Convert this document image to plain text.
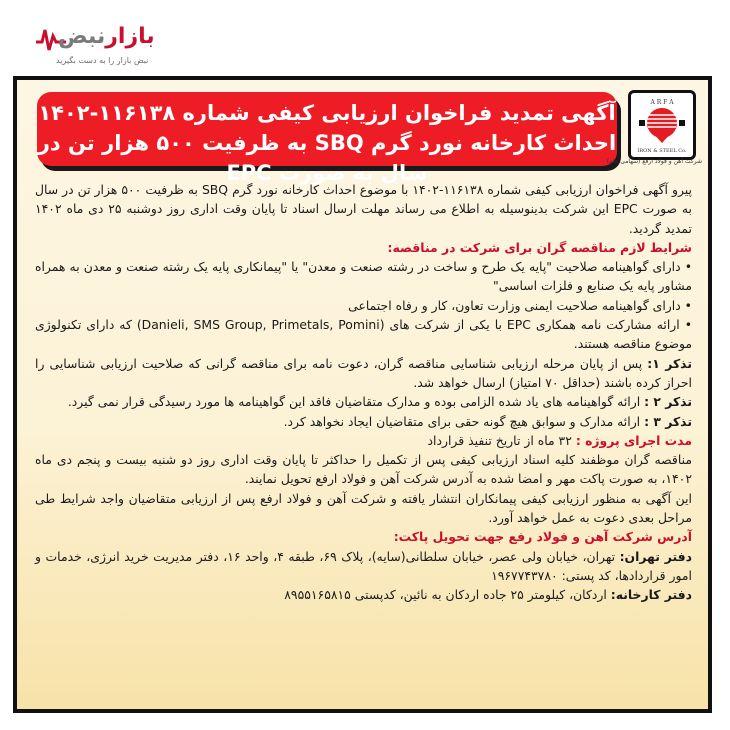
بازارنبض
نبض بازار را به دست بگیرید
آگهی تمدید فراخوان ارزیابی کیفی شماره ۱۱۶۱۳۸-۱۴۰۲
احداث کارخانه نورد گرم SBQ به ظرفیت ۵۰۰ هزار تن در سال به صورت EPC
A R F A
IRON & STEEL Co.
شرکت آهن و فولاد ارفع (سهامی عام)

پیرو آگهی فراخوان ارزیابی کیفی شماره ۱۱۶۱۳۸-۱۴۰۲ با موضوع احداث کارخانه نورد گرم SBQ به ظرفیت ۵۰۰ هزار تن در سال به صورت EPC این شرکت بدینوسیله به اطلاع می رساند مهلت ارسال اسناد تا پایان وقت اداری روز دوشنبه ۲۵ دی ماه ۱۴۰۲ تمدید گردید.

شرایط لازم مناقصه گران برای شرکت در مناقصه:

• دارای گواهینامه صلاحیت "پایه یک طرح و ساخت در رشته صنعت و معدن" یا "پیمانکاری پایه یک رشته صنعت و معدن به همراه مشاور پایه یک صنایع و فلزات اساسی"

• دارای گواهینامه صلاحیت ایمنی وزارت تعاون، کار و رفاه اجتماعی

• ارائه مشارکت نامه همکاری EPC با یکی از شرکت های (Danieli, SMS Group, Primetals, Pomini) که دارای تکنولوژی موضوع مناقصه هستند.

تذکر ۱: پس از پایان مرحله ارزیابی شناسایی مناقصه گران، دعوت نامه برای مناقصه گرانی که صلاحیت ارزیابی شناسایی را احراز کرده باشند (حداقل ۷۰ امتیاز) ارسال خواهد شد.

تذکر ۲ : ارائه گواهینامه های یاد شده الزامی بوده و مدارک متقاضیان فاقد این گواهینامه ها مورد رسیدگی قرار نمی گیرد.

تذکر ۳ : ارائه مدارک و سوابق هیچ گونه حقی برای متقاضیان ایجاد نخواهد کرد.

مدت اجرای پروژه : ۳۲ ماه از تاریخ تنفیذ قرارداد

مناقصه گران موظفند کلیه اسناد ارزیابی کیفی پس از تکمیل را حداکثر تا پایان وقت اداری روز دو شنبه بیست و پنجم دی ماه ۱۴۰۲، به صورت پاکت مهر و امضا شده به آدرس شرکت آهن و فولاد ارفع تحویل نمایند.

این آگهی به منظور ارزیابی کیفی پیمانکاران انتشار یافته و شرکت آهن و فولاد ارفع پس از ارزیابی متقاضیان واجد شرایط طی مراحل بعدی دعوت به عمل خواهد آورد.

آدرس شرکت آهن و فولاد رفع جهت تحویل پاکت:

دفتر تهران: تهران، خیابان ولی عصر، خیابان سلطانی(سایه)، پلاک ۶۹، طبقه ۴، واحد ۱۶، دفتر مدیریت خرید انرژی، خدمات و امور قراردادها، کد پستی: ۱۹۶۷۷۴۳۷۸۰

دفتر کارخانه: اردکان، کیلومتر ۲۵ جاده اردکان به نائین، کدپستی ۸۹۵۵۱۶۵۸۱۵
